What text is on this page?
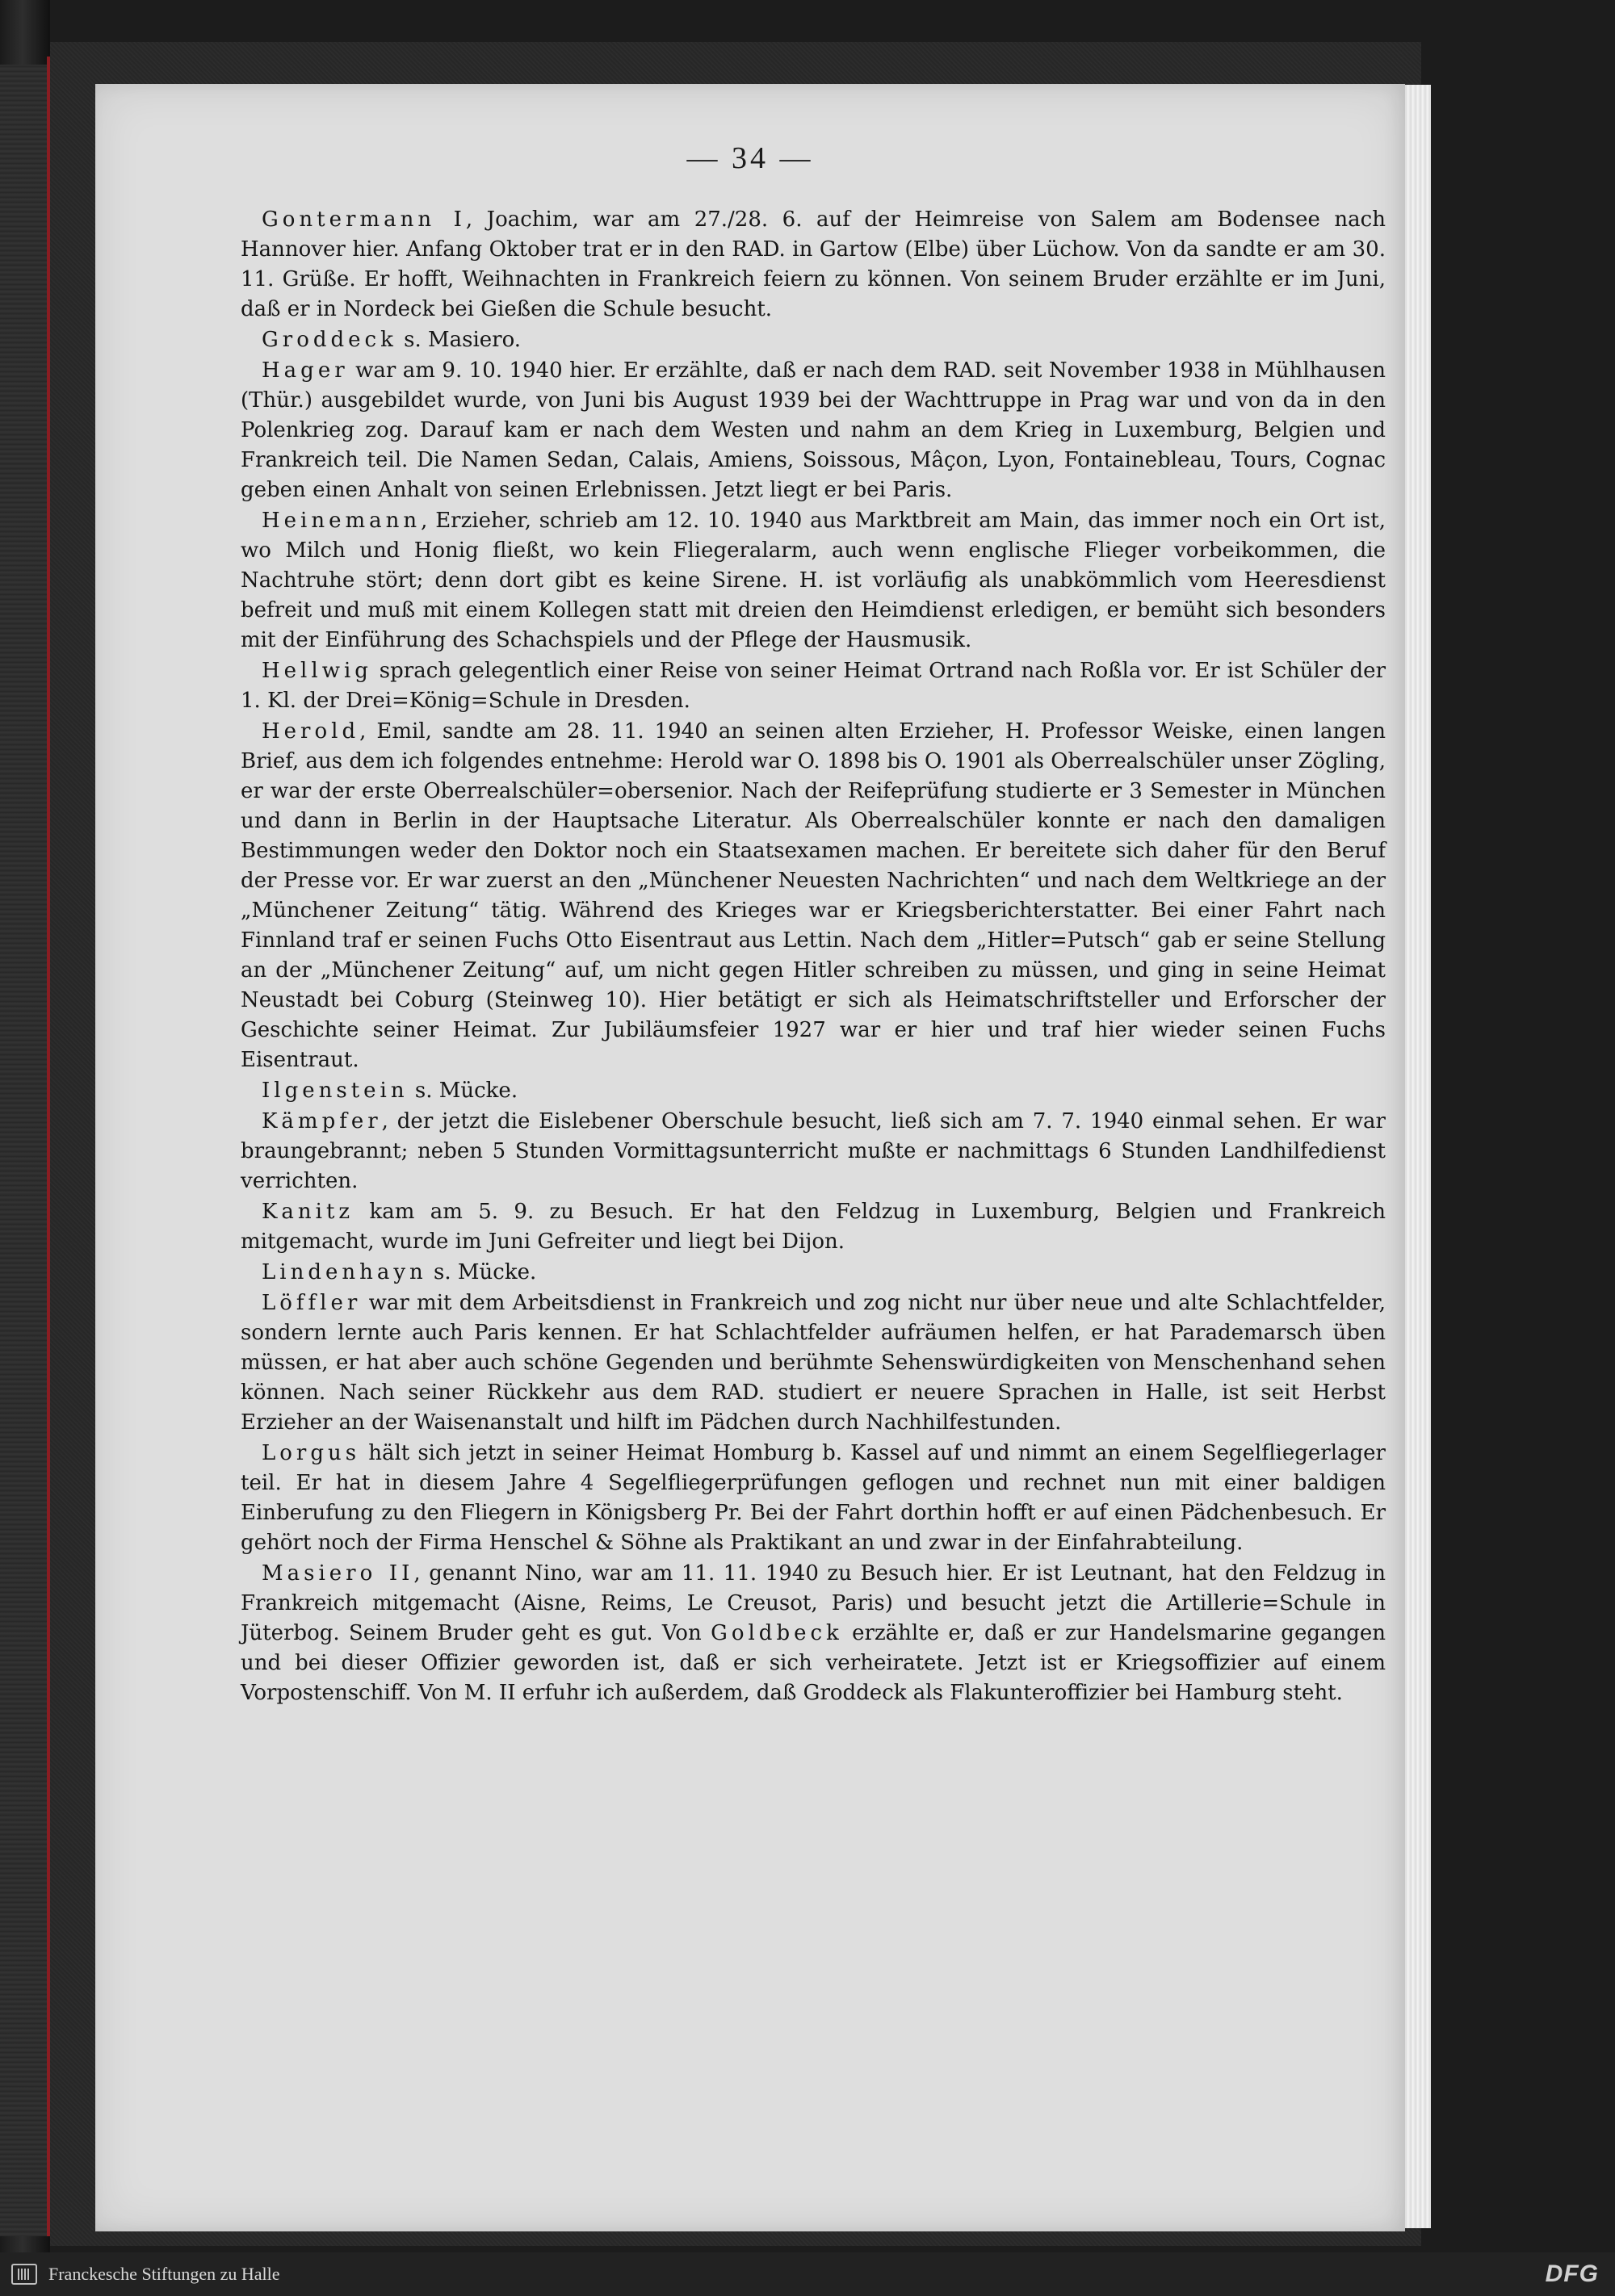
— 34 —

Gontermann I, Joachim, war am 27./28. 6. auf der Heimreise von Salem am Bodensee nach Hannover hier. Anfang Oktober trat er in den RAD. in Gartow (Elbe) über Lüchow. Von da sandte er am 30. 11. Grüße. Er hofft, Weihnachten in Frankreich feiern zu können. Von seinem Bruder erzählte er im Juni, daß er in Nordeck bei Gießen die Schule besucht.

Groddeck s. Masiero.

Hager war am 9. 10. 1940 hier. Er erzählte, daß er nach dem RAD. seit November 1938 in Mühlhausen (Thür.) ausgebildet wurde, von Juni bis August 1939 bei der Wachttruppe in Prag war und von da in den Polenkrieg zog. Darauf kam er nach dem Westen und nahm an dem Krieg in Luxemburg, Belgien und Frankreich teil. Die Namen Sedan, Calais, Amiens, Soissous, Mâçon, Lyon, Fontainebleau, Tours, Cognac geben einen Anhalt von seinen Erlebnissen. Jetzt liegt er bei Paris.

Heinemann, Erzieher, schrieb am 12. 10. 1940 aus Marktbreit am Main, das immer noch ein Ort ist, wo Milch und Honig fließt, wo kein Fliegeralarm, auch wenn englische Flieger vorbeikommen, die Nachtruhe stört; denn dort gibt es keine Sirene. H. ist vorläufig als unabkömmlich vom Heeresdienst befreit und muß mit einem Kollegen statt mit dreien den Heimdienst erledigen, er bemüht sich besonders mit der Einführung des Schachspiels und der Pflege der Hausmusik.

Hellwig sprach gelegentlich einer Reise von seiner Heimat Ortrand nach Roßla vor. Er ist Schüler der 1. Kl. der Drei=König=Schule in Dresden.

Herold, Emil, sandte am 28. 11. 1940 an seinen alten Erzieher, H. Professor Weiske, einen langen Brief, aus dem ich folgendes entnehme: Herold war O. 1898 bis O. 1901 als Oberrealschüler unser Zögling, er war der erste Oberrealschüler=obersenior. Nach der Reifeprüfung studierte er 3 Semester in München und dann in Berlin in der Hauptsache Literatur. Als Oberrealschüler konnte er nach den damaligen Bestimmungen weder den Doktor noch ein Staatsexamen machen. Er bereitete sich daher für den Beruf der Presse vor. Er war zuerst an den „Münchener Neuesten Nachrichten“ und nach dem Weltkriege an der „Münchener Zeitung“ tätig. Während des Krieges war er Kriegsberichterstatter. Bei einer Fahrt nach Finnland traf er seinen Fuchs Otto Eisentraut aus Lettin. Nach dem „Hitler=Putsch“ gab er seine Stellung an der „Münchener Zeitung“ auf, um nicht gegen Hitler schreiben zu müssen, und ging in seine Heimat Neustadt bei Coburg (Steinweg 10). Hier betätigt er sich als Heimatschriftsteller und Erforscher der Geschichte seiner Heimat. Zur Jubiläumsfeier 1927 war er hier und traf hier wieder seinen Fuchs Eisentraut.

Ilgenstein s. Mücke.

Kämpfer, der jetzt die Eislebener Oberschule besucht, ließ sich am 7. 7. 1940 einmal sehen. Er war braungebrannt; neben 5 Stunden Vormittagsunterricht mußte er nachmittags 6 Stunden Landhilfedienst verrichten.

Kanitz kam am 5. 9. zu Besuch. Er hat den Feldzug in Luxemburg, Belgien und Frankreich mitgemacht, wurde im Juni Gefreiter und liegt bei Dijon.

Lindenhayn s. Mücke.

Löffler war mit dem Arbeitsdienst in Frankreich und zog nicht nur über neue und alte Schlachtfelder, sondern lernte auch Paris kennen. Er hat Schlachtfelder aufräumen helfen, er hat Parademarsch üben müssen, er hat aber auch schöne Gegenden und berühmte Sehenswürdigkeiten von Menschenhand sehen können. Nach seiner Rückkehr aus dem RAD. studiert er neuere Sprachen in Halle, ist seit Herbst Erzieher an der Waisenanstalt und hilft im Pädchen durch Nachhilfestunden.

Lorgus hält sich jetzt in seiner Heimat Homburg b. Kassel auf und nimmt an einem Segelfliegerlager teil. Er hat in diesem Jahre 4 Segelfliegerprüfungen geflogen und rechnet nun mit einer baldigen Einberufung zu den Fliegern in Königsberg Pr. Bei der Fahrt dorthin hofft er auf einen Pädchenbesuch. Er gehört noch der Firma Henschel & Söhne als Praktikant an und zwar in der Einfahrabteilung.

Masiero II, genannt Nino, war am 11. 11. 1940 zu Besuch hier. Er ist Leutnant, hat den Feldzug in Frankreich mitgemacht (Aisne, Reims, Le Creusot, Paris) und besucht jetzt die Artillerie=Schule in Jüterbog. Seinem Bruder geht es gut. Von Goldbeck erzählte er, daß er zur Handelsmarine gegangen und bei dieser Offizier geworden ist, daß er sich verheiratete. Jetzt ist er Kriegsoffizier auf einem Vorpostenschiff. Von M. II erfuhr ich außerdem, daß Groddeck als Flakunteroffizier bei Hamburg steht.

Franckesche Stiftungen zu Halle	DFG
